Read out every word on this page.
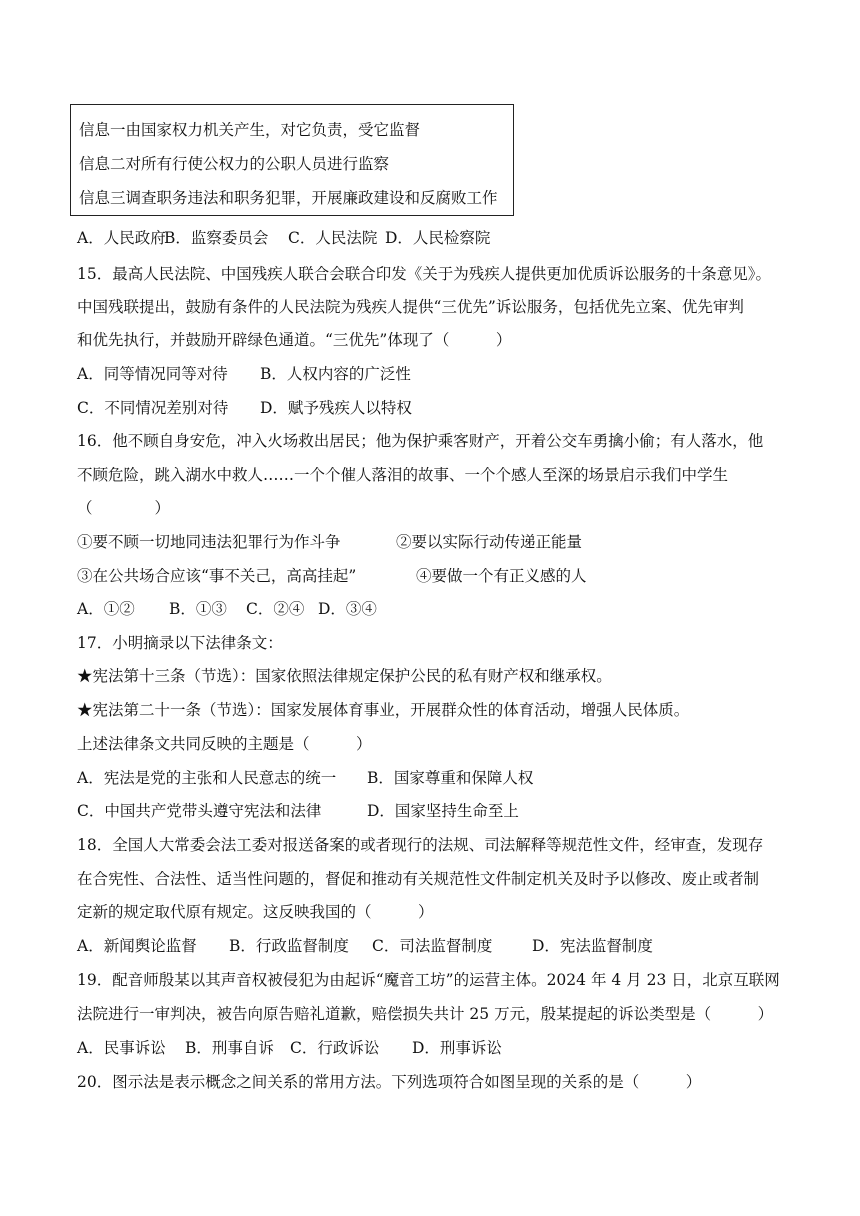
信息一由国家权力机关产生，对它负责，受它监督
信息二对所有行使公权力的公职人员进行监察
信息三调查职务违法和职务犯罪，开展廉政建设和反腐败工作
A．人民政府
B．监察委员会 C．人民法院 D．人民检察院
15．最高人民法院、中国残疾人联合会联合印发《关于为残疾人提供更加优质诉讼服务的十条意见》。
中国残联提出，鼓励有条件的人民法院为残疾人提供“三优先”诉讼服务，包括优先立案、优先审判
和优先执行，并鼓励开辟绿色通道。“三优先”体现了（　　　）
A．同等情况同等对待 B．人权内容的广泛性
C．不同情况差别对待 D．赋予残疾人以特权
16．他不顾自身安危，冲入火场救出居民；他为保护乘客财产，开着公交车勇擒小偷；有人落水，他
不顾危险，跳入湖水中救人……一个个催人落泪的故事、一个个感人至深的场景启示我们中学生
（　　　　）
①要不顾一切地同违法犯罪行为作斗争	②要以实际行动传递正能量
③在公共场合应该“事不关己，高高挂起”	④要做一个有正义感的人
A．①② B．①③ C．②④ D．③④
17．小明摘录以下法律条文：
★宪法第十三条（节选）：国家依照法律规定保护公民的私有财产权和继承权。
★宪法第二十一条（节选）：国家发展体育事业，开展群众性的体育活动，增强人民体质。
上述法律条文共同反映的主题是（　　　）
A．宪法是党的主张和人民意志的统一 B．国家尊重和保障人权
C．中国共产党带头遵守宪法和法律	D．国家坚持生命至上
18．全国人大常委会法工委对报送备案的或者现行的法规、司法解释等规范性文件，经审查，发现存
在合宪性、合法性、适当性问题的，督促和推动有关规范性文件制定机关及时予以修改、废止或者制
定新的规定取代原有规定。这反映我国的（　　　）
A．新闻舆论监督 B．行政监督制度 C．司法监督制度	D．宪法监督制度
19．配音师殷某以其声音权被侵犯为由起诉“魔音工坊”的运营主体。2024 年 4 月 23 日，北京互联网
法院进行一审判决，被告向原告赔礼道歉，赔偿损失共计 25 万元，殷某提起的诉讼类型是（　　　）
A．民事诉讼 B．刑事自诉 C．行政诉讼 D．刑事诉讼
20．图示法是表示概念之间关系的常用方法。下列选项符合如图呈现的关系的是（　　　）
